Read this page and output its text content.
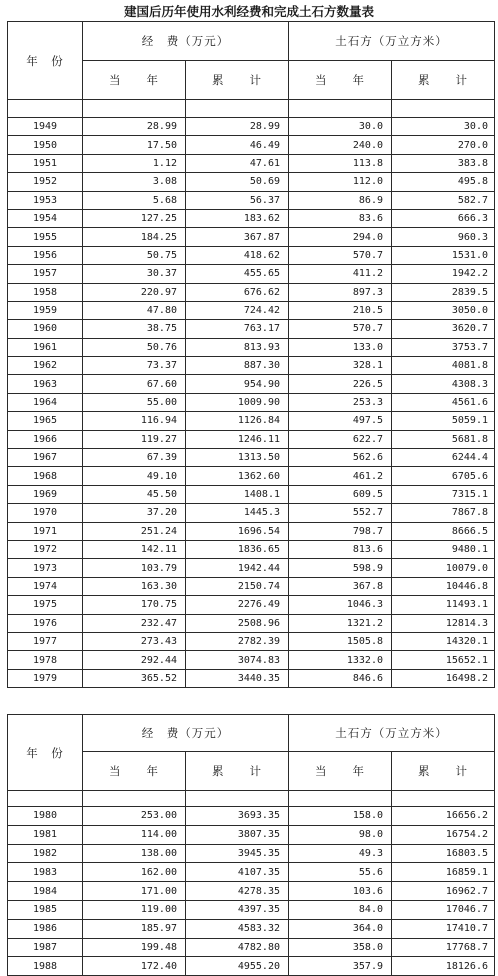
建国后历年使用水利经费和完成土石方数量表
年　份	经　费（万元）		土石方（万立方米）	
	当　　年	累　　计	当　　年	累　　计

1949	28.99	28.99	30.0	30.0
1950	17.50	46.49	240.0	270.0
1951	1.12	47.61	113.8	383.8
1952	3.08	50.69	112.0	495.8
1953	5.68	56.37	86.9	582.7
1954	127.25	183.62	83.6	666.3
1955	184.25	367.87	294.0	960.3
1956	50.75	418.62	570.7	1531.0
1957	30.37	455.65	411.2	1942.2
1958	220.97	676.62	897.3	2839.5
1959	47.80	724.42	210.5	3050.0
1960	38.75	763.17	570.7	3620.7
1961	50.76	813.93	133.0	3753.7
1962	73.37	887.30	328.1	4081.8
1963	67.60	954.90	226.5	4308.3
1964	55.00	1009.90	253.3	4561.6
1965	116.94	1126.84	497.5	5059.1
1966	119.27	1246.11	622.7	5681.8
1967	67.39	1313.50	562.6	6244.4
1968	49.10	1362.60	461.2	6705.6
1969	45.50	1408.1	609.5	7315.1
1970	37.20	1445.3	552.7	7867.8
1971	251.24	1696.54	798.7	8666.5
1972	142.11	1836.65	813.6	9480.1
1973	103.79	1942.44	598.9	10079.0
1974	163.30	2150.74	367.8	10446.8
1975	170.75	2276.49	1046.3	11493.1
1976	232.47	2508.96	1321.2	12814.3
1977	273.43	2782.39	1505.8	14320.1
1978	292.44	3074.83	1332.0	15652.1
1979	365.52	3440.35	846.6	16498.2
年　份	经　费（万元）		土石方（万立方米）	
	当　　年	累　　计	当　　年	累　　计

1980	253.00	3693.35	158.0	16656.2
1981	114.00	3807.35	98.0	16754.2
1982	138.00	3945.35	49.3	16803.5
1983	162.00	4107.35	55.6	16859.1
1984	171.00	4278.35	103.6	16962.7
1985	119.00	4397.35	84.0	17046.7
1986	185.97	4583.32	364.0	17410.7
1987	199.48	4782.80	358.0	17768.7
1988	172.40	4955.20	357.9	18126.6
